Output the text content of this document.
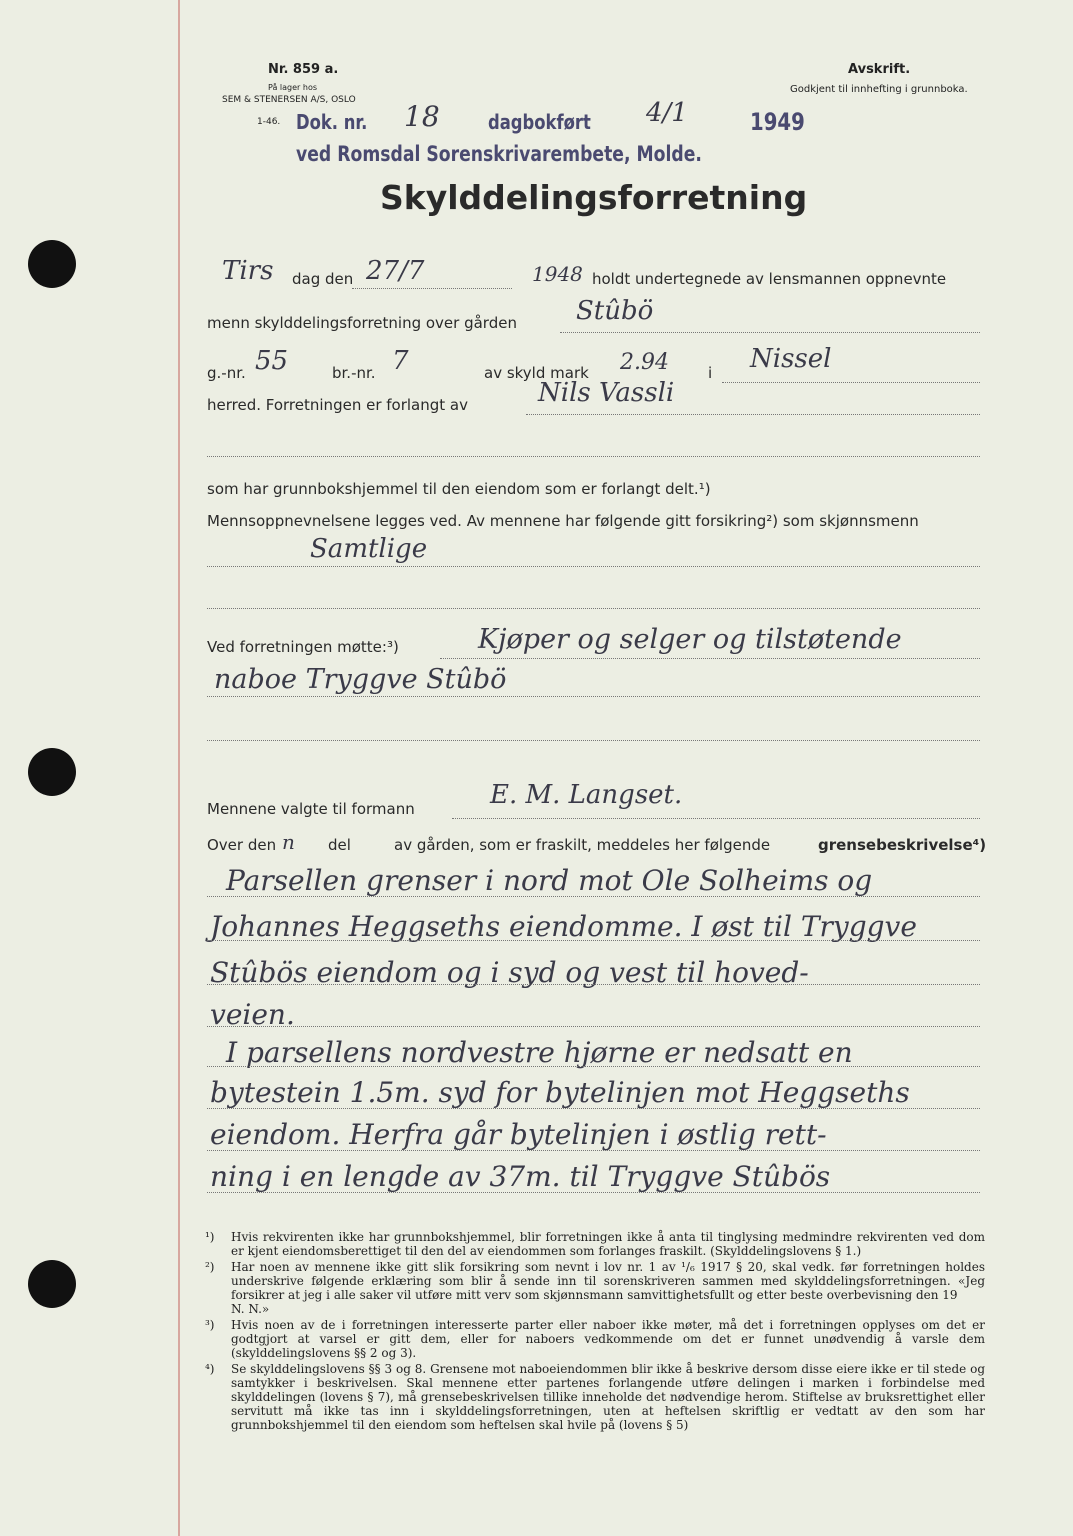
Nr. 859 a.
På lager hos
SEM & STENERSEN A/S, OSLO
1-46.
Avskrift.
Godkjent til innhefting i grunnboka.
Dok. nr. 18 dagbokført 4/1	1949
ved Romsdal Sorenskrivarembete, Molde.
Skylddelingsforretning
Tirs dag den 27/7	1948 holdt undertegnede av lensmannen oppnevnte
menn skylddelingsforretning over gården Stûbö
g.-nr. 55	br.-nr. 7	av skyld mark 2.94	i Nissel
herred. Forretningen er forlangt av	Nils Vassli
som har grunnbokshjemmel til den eiendom som er forlangt delt.¹)
Mennsoppnevnelsene legges ved. Av mennene har følgende gitt forsikring²) som skjønnsmenn
Samtlige
Ved forretningen møtte:³)	Kjøper og selger og tilstøtende
naboe Tryggve Stûbö
Mennene valgte til formann	E. M. Langset.
Over den n del	av gården, som er fraskilt, meddeles her følgende	grensebeskrivelse⁴)
Parsellen grenser i nord mot Ole Solheims og
Johannes Heggseths eiendomme. I øst til Tryggve
Stûbös eiendom og i syd og vest til hoved-
veien.
I parsellens nordvestre hjørne er nedsatt en
bytestein 1.5m. syd for bytelinjen mot Heggseths
eiendom. Herfra går bytelinjen i østlig rett-
ning i en lengde av 37m. til Tryggve Stûbös
¹)	Hvis rekvirenten ikke har grunnbokshjemmel, blir forretningen ikke å anta til tinglysing medmindre rekvirenten ved dom er kjent eiendomsberettiget til den del av eiendommen som forlanges fraskilt. (Skylddelingslovens § 1.)
²)	Har noen av mennene ikke gitt slik forsikring som nevnt i lov nr. 1 av ¹/₆ 1917 § 20, skal vedk. før forretningen holdes underskrive følgende erklæring som blir å sende inn til sorenskriveren sammen med skylddelingsforretningen. «Jeg forsikrer at jeg i alle saker vil utføre mitt verv som skjønnsmann samvittighetsfullt og etter beste overbevisning den 19
N. N.»
³)	Hvis noen av de i forretningen interesserte parter eller naboer ikke møter, må det i forretningen opplyses om det er godtgjort at varsel er gitt dem, eller for naboers vedkommende om det er funnet unødvendig å varsle dem (skylddelingslovens §§ 2 og 3).
⁴)	Se skylddelingslovens §§ 3 og 8. Grensene mot naboeiendommen blir ikke å beskrive dersom disse eiere ikke er til stede og samtykker i beskrivelsen. Skal mennene etter partenes forlangende utføre delingen i marken i forbindelse med skylddelingen (lovens § 7), må grensebeskrivelsen tillike inneholde det nødvendige herom. Stiftelse av bruksrettighet eller servitutt må ikke tas inn i skylddelingsforretningen, uten at heftelsen skriftlig er vedtatt av den som har grunnbokshjemmel til den eiendom som heftelsen skal hvile på (lovens § 5)
